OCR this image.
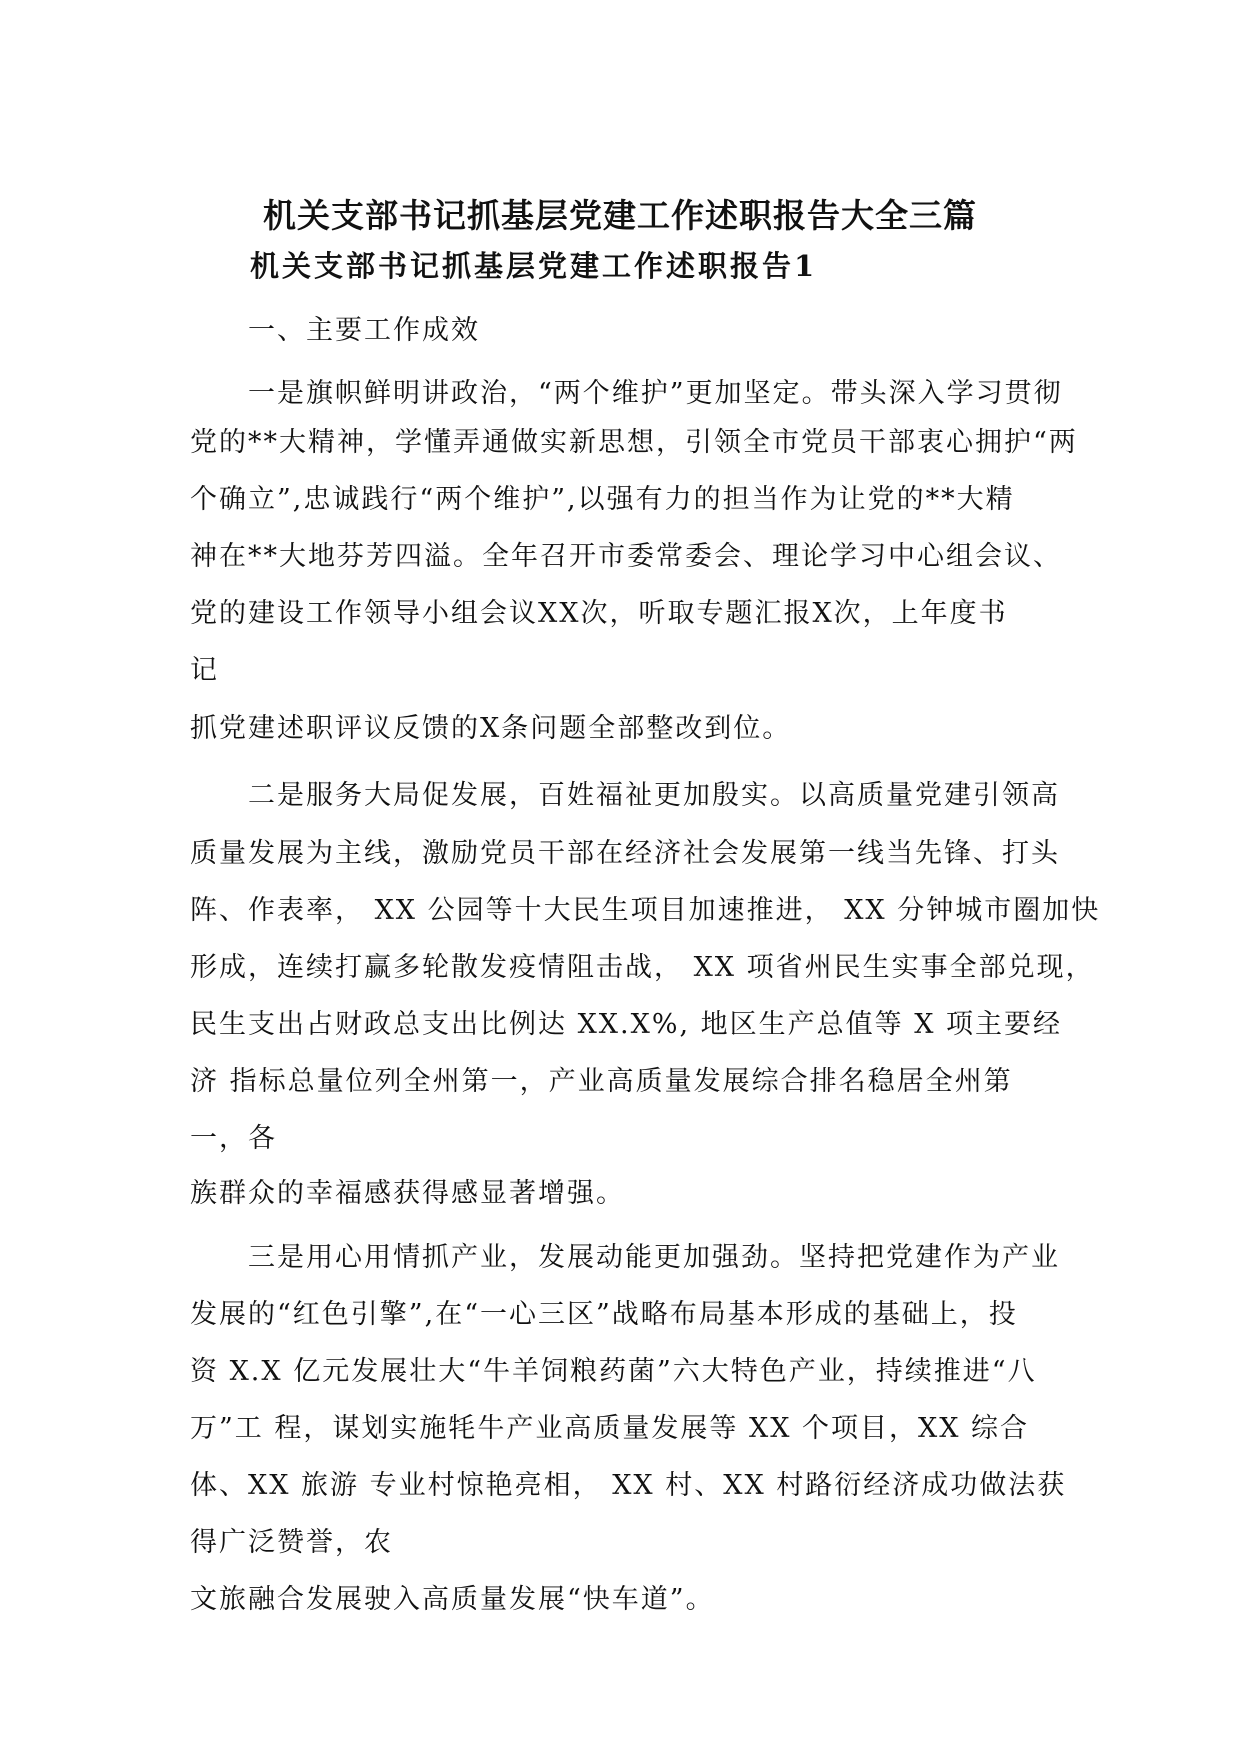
机关支部书记抓基层党建工作述职报告大全三篇
机关支部书记抓基层党建工作述职报告1
一、主要工作成效
一是旗帜鲜明讲政治，“两个维护”更加坚定。带头深入学习贯彻
党的**大精神，学懂弄通做实新思想，引领全市党员干部衷心拥护“两
个确立”,忠诚践行“两个维护”,以强有力的担当作为让党的**大精
神在**大地芬芳四溢。全年召开市委常委会、理论学习中心组会议、
党的建设工作领导小组会议XX次，听取专题汇报X次，上年度书
记
抓党建述职评议反馈的X条问题全部整改到位。
二是服务大局促发展，百姓福祉更加殷实。以高质量党建引领高
质量发展为主线，激励党员干部在经济社会发展第一线当先锋、打头
阵、作表率， XX 公园等十大民生项目加速推进， XX 分钟城市圈加快
形成，连续打赢多轮散发疫情阻击战， XX 项省州民生实事全部兑现，
民生支出占财政总支出比例达 XX.X%, 地区生产总值等 X 项主要经
济 指标总量位列全州第一，产业高质量发展综合排名稳居全州第
一，各
族群众的幸福感获得感显著增强。
三是用心用情抓产业，发展动能更加强劲。坚持把党建作为产业
发展的“红色引擎”,在“一心三区”战略布局基本形成的基础上，投
资 X.X 亿元发展壮大“牛羊饲粮药菌”六大特色产业，持续推进“八
万”工 程，谋划实施牦牛产业高质量发展等 XX 个项目，XX 综合
体、XX 旅游 专业村惊艳亮相， XX 村、XX 村路衍经济成功做法获
得广泛赞誉，农
文旅融合发展驶入高质量发展“快车道”。
